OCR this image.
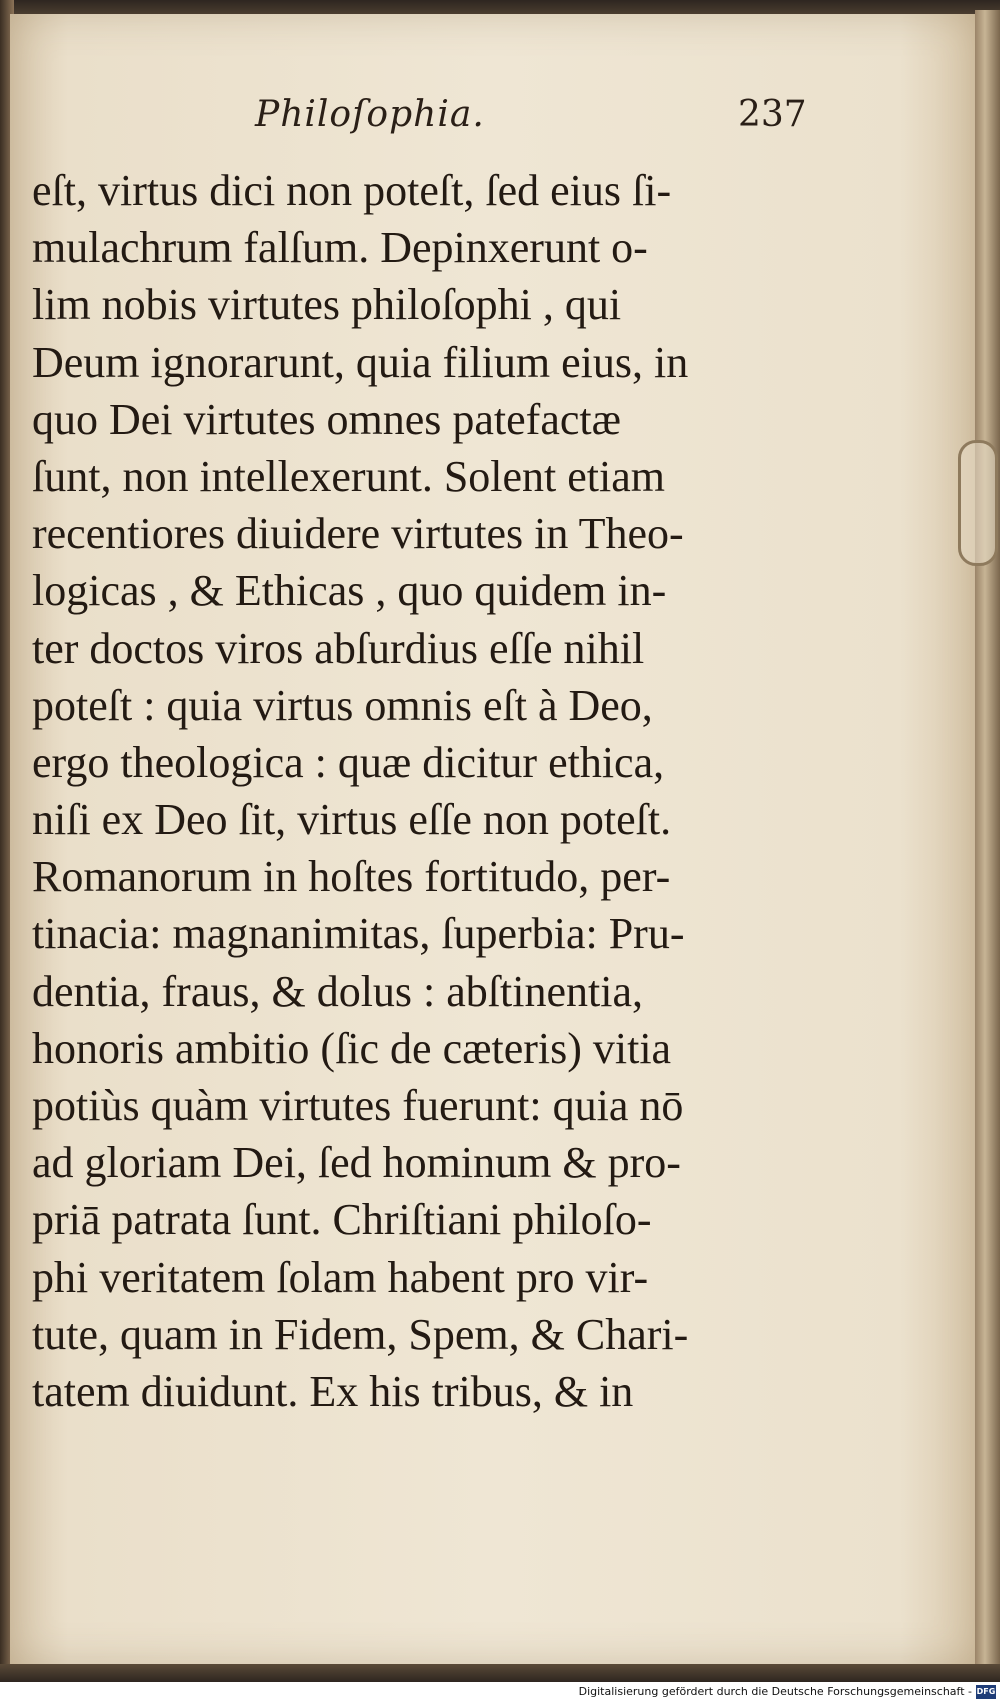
Philoſophia.	237
eſt, virtus dici non poteſt, ſed eius ſi-
mulachrum falſum. Depinxerunt o-
lim nobis virtutes philoſophi , qui
Deum ignorarunt, quia filium eius, in
quo Dei virtutes omnes patefactæ
ſunt, non intellexerunt. Solent etiam
recentiores diuidere virtutes in Theo-
logicas , & Ethicas , quo quidem in-
ter doctos viros abſurdius eſſe nihil
poteſt : quia virtus omnis eſt à Deo,
ergo theologica : quæ dicitur ethica,
niſi ex Deo ſit, virtus eſſe non poteſt.
Romanorum in hoſtes fortitudo, per-
tinacia: magnanimitas, ſuperbia: Pru-
dentia, fraus, & dolus : abſtinentia,
honoris ambitio (ſic de cæteris) vitia
potiùs quàm virtutes fuerunt: quia nō
ad gloriam Dei, ſed hominum & pro-
priā patrata ſunt. Chriſtiani philoſo-
phi veritatem ſolam habent pro vir-
tute, quam in Fidem, Spem, & Chari-
tatem diuidunt. Ex his tribus, & in
Digitalisierung gefördert durch die Deutsche Forschungsgemeinschaft - DFG
